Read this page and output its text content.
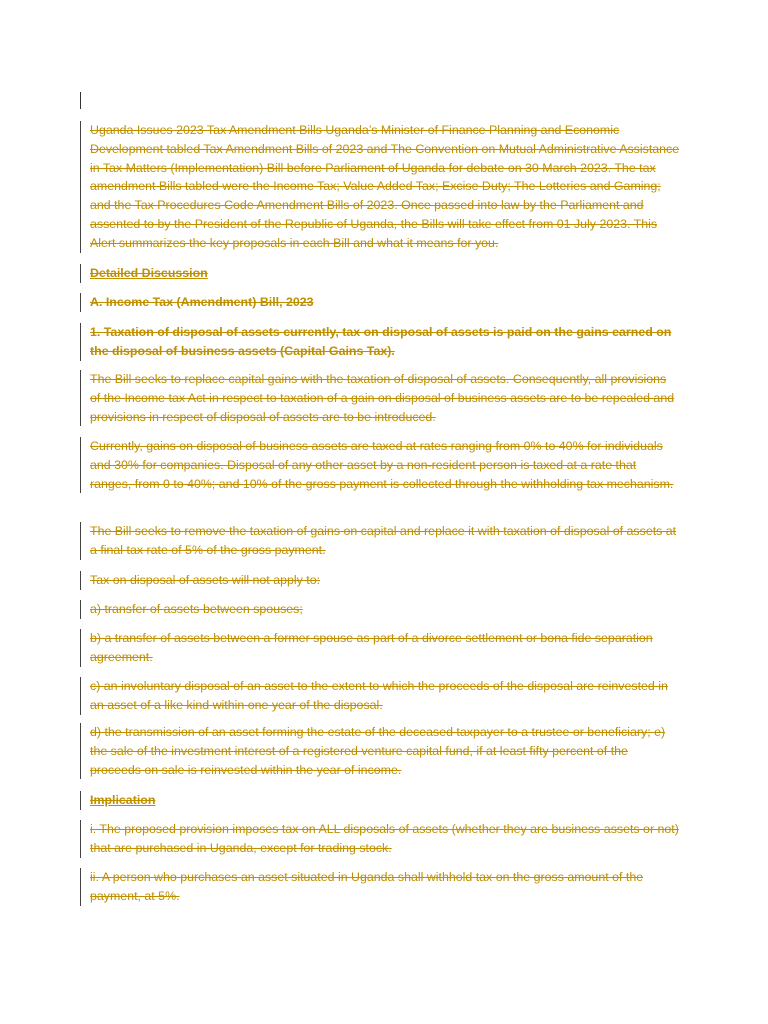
Uganda Issues 2023 Tax Amendment Bills Uganda’s Minister of Finance Planning and Economic Development tabled Tax Amendment Bills of 2023 and The Convention on Mutual Administrative Assistance in Tax Matters (Implementation) Bill before Parliament of Uganda for debate on 30 March 2023. The tax amendment Bills tabled were the Income Tax; Value Added Tax; Excise Duty; The Lotteries and Gaming; and the Tax Procedures Code Amendment Bills of 2023. Once passed into law by the Parliament and assented to by the President of the Republic of Uganda, the Bills will take effect from 01 July 2023. This Alert summarizes the key proposals in each Bill and what it means for you.
Detailed Discussion
A. Income Tax (Amendment) Bill, 2023
1. Taxation of disposal of assets currently, tax on disposal of assets is paid on the gains earned on the disposal of business assets (Capital Gains Tax).
The Bill seeks to replace capital gains with the taxation of disposal of assets. Consequently, all provisions of the Income tax Act in respect to taxation of a gain on disposal of business assets are to be repealed and provisions in respect of disposal of assets are to be introduced.
Currently, gains on disposal of business assets are taxed at rates ranging from 0% to 40% for individuals and 30% for companies. Disposal of any other asset by a non-resident person is taxed at a rate that ranges, from 0 to 40%; and 10% of the gross payment is collected through the withholding tax mechanism.
The Bill seeks to remove the taxation of gains on capital and replace it with taxation of disposal of assets at a final tax rate of 5% of the gross payment.
Tax on disposal of assets will not apply to:
a) transfer of assets between spouses;
b) a transfer of assets between a former spouse as part of a divorce settlement or bona fide separation agreement.
c) an involuntary disposal of an asset to the extent to which the proceeds of the disposal are reinvested in an asset of a like kind within one year of the disposal.
d) the transmission of an asset forming the estate of the deceased taxpayer to a trustee or beneficiary; e) the sale of the investment interest of a registered venture capital fund, if at least fifty percent of the proceeds on sale is reinvested within the year of income.
Implication
i. The proposed provision imposes tax on ALL disposals of assets (whether they are business assets or not) that are purchased in Uganda, except for trading stock.
ii. A person who purchases an asset situated in Uganda shall withhold tax on the gross amount of the payment, at 5%.
